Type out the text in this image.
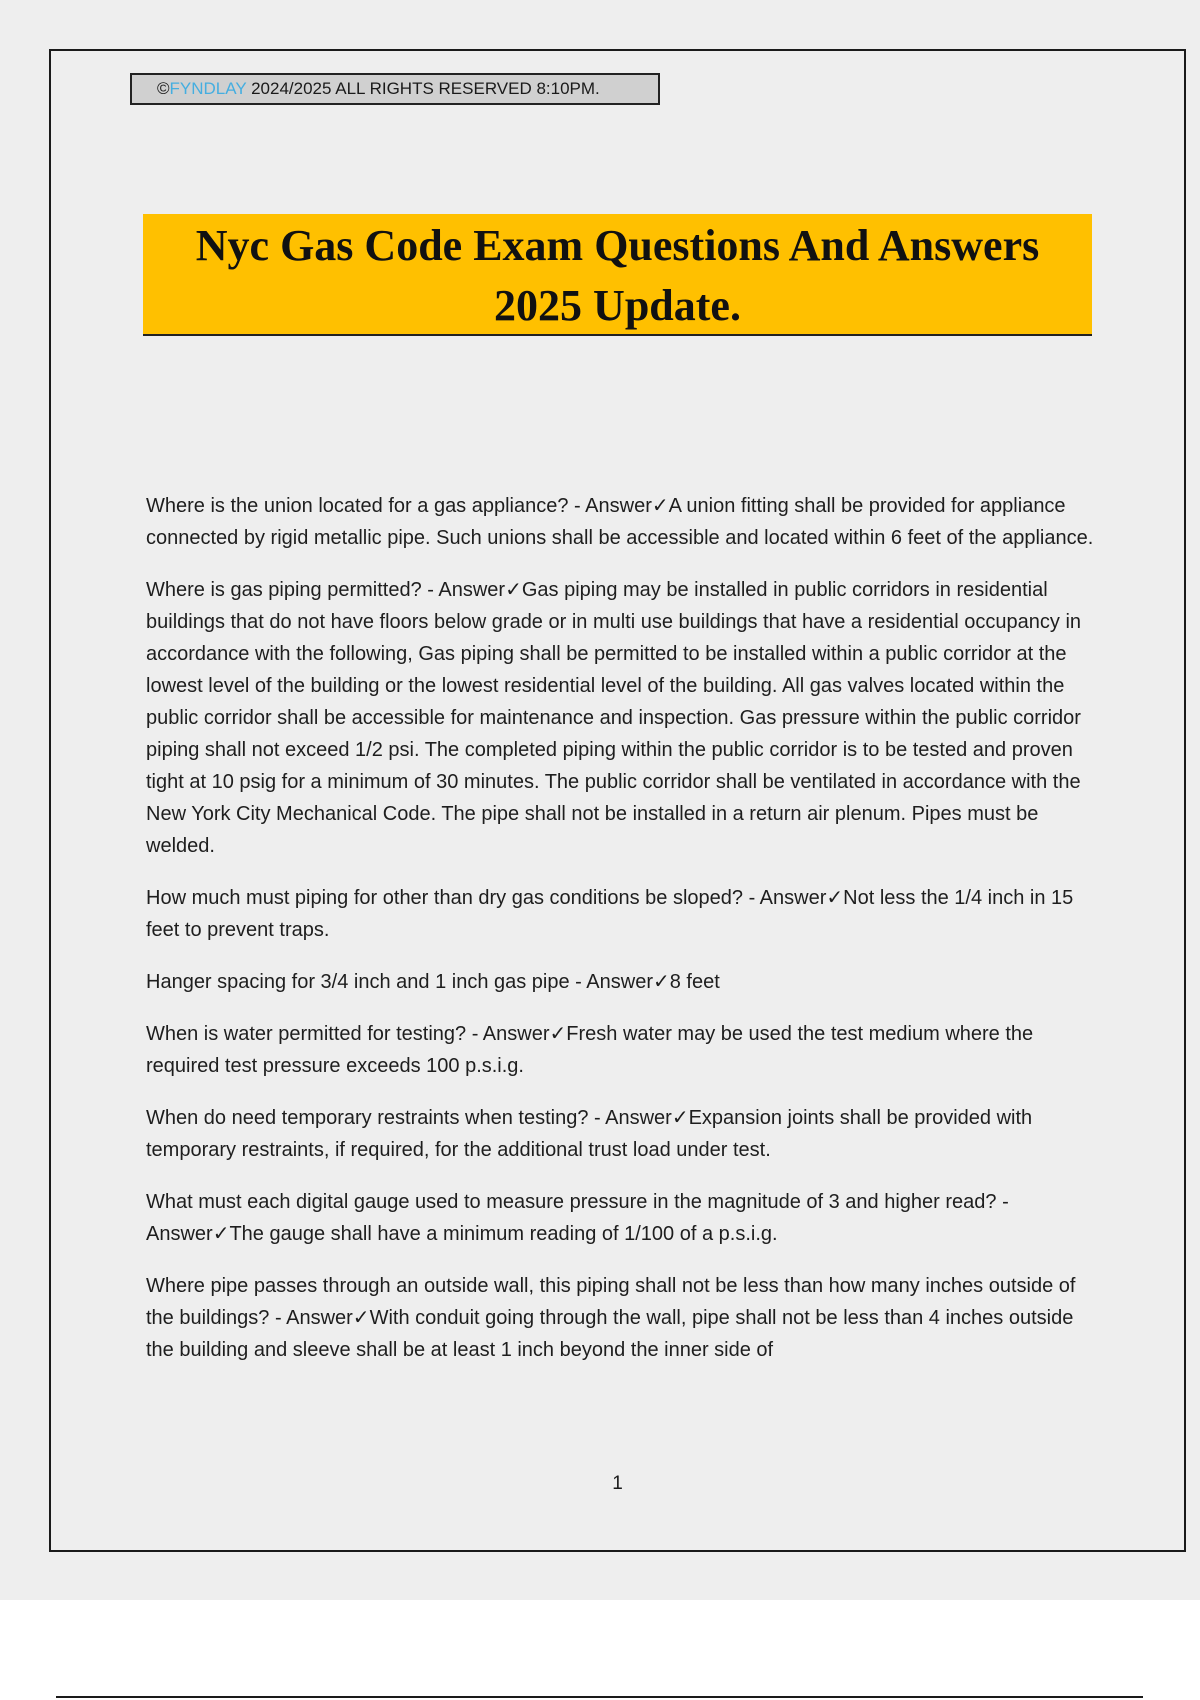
©FYNDLAY 2024/2025 ALL RIGHTS RESERVED 8:10PM.
Nyc Gas Code Exam Questions And Answers
2025 Update.

Where is the union located for a gas appliance? - Answer✓A union fitting shall be provided for appliance connected by rigid metallic pipe. Such unions shall be accessible and located within 6 feet of the appliance.

Where is gas piping permitted? - Answer✓Gas piping may be installed in public corridors in residential buildings that do not have floors below grade or in multi use buildings that have a residential occupancy in accordance with the following, Gas piping shall be permitted to be installed within a public corridor at the lowest level of the building or the lowest residential level of the building. All gas valves located within the public corridor shall be accessible for maintenance and inspection. Gas pressure within the public corridor piping shall not exceed 1/2 psi. The completed piping within the public corridor is to be tested and proven tight at 10 psig for a minimum of 30 minutes. The public corridor shall be ventilated in accordance with the New York City Mechanical Code. The pipe shall not be installed in a return air plenum. Pipes must be welded.

How much must piping for other than dry gas conditions be sloped? - Answer✓Not less the 1/4 inch in 15 feet to prevent traps.

Hanger spacing for 3/4 inch and 1 inch gas pipe - Answer✓8 feet

When is water permitted for testing? - Answer✓Fresh water may be used the test medium where the required test pressure exceeds 100 p.s.i.g.

When do need temporary restraints when testing? - Answer✓Expansion joints shall be provided with temporary restraints, if required, for the additional trust load under test.

What must each digital gauge used to measure pressure in the magnitude of 3 and higher read? - Answer✓The gauge shall have a minimum reading of 1/100 of a p.s.i.g.

Where pipe passes through an outside wall, this piping shall not be less than how many inches outside of the buildings? - Answer✓With conduit going through the wall, pipe shall not be less than 4 inches outside the building and sleeve shall be at least 1 inch beyond the inner side of

1
